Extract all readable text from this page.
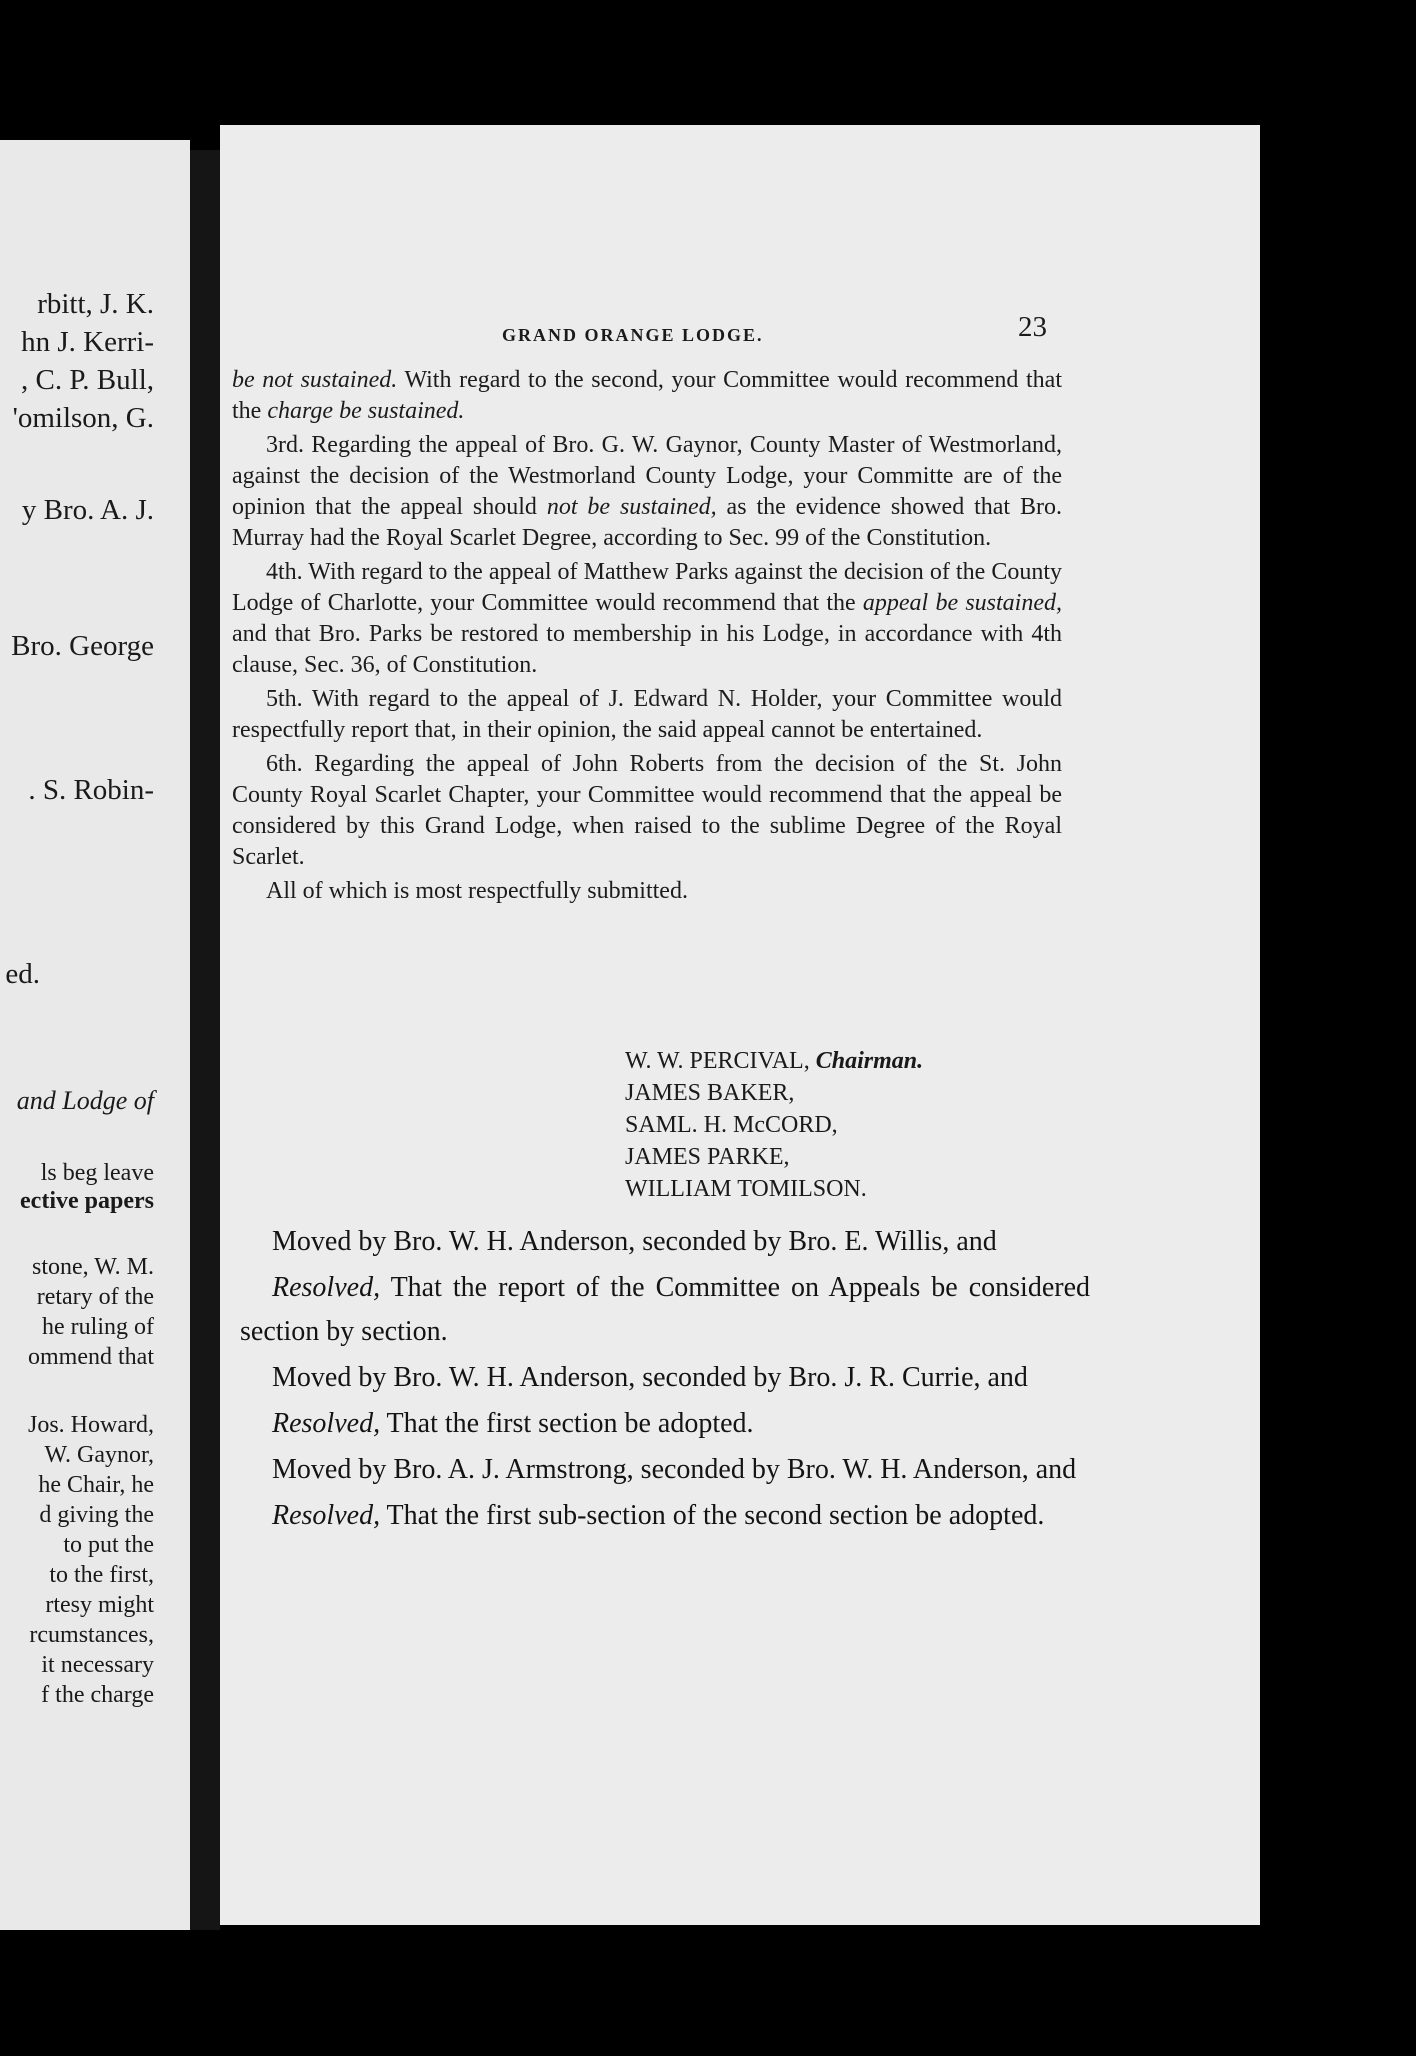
rbitt, J. K.
hn J. Kerri-
, C. P. Bull,
'omilson, G.
y Bro. A. J.
Bro. George
. S. Robin-
ed.
and Lodge of
ls beg leave
ective papers
stone, W. M.
retary of the
he ruling of
ommend that
Jos. Howard,
W. Gaynor,
he Chair, he
d giving the
to put the
to the first,
rtesy might
rcumstances,
it necessary
f the charge
GRAND ORANGE LODGE.	23

be not sustained. With regard to the second, your Committee would recommend that the charge be sustained.

3rd. Regarding the appeal of Bro. G. W. Gaynor, County Master of Westmorland, against the decision of the Westmorland County Lodge, your Committe are of the opinion that the appeal should not be sustained, as the evidence showed that Bro. Murray had the Royal Scarlet Degree, according to Sec. 99 of the Constitution.

4th. With regard to the appeal of Matthew Parks against the decision of the County Lodge of Charlotte, your Committee would recommend that the appeal be sustained, and that Bro. Parks be restored to membership in his Lodge, in accordance with 4th clause, Sec. 36, of Constitution.

5th. With regard to the appeal of J. Edward N. Holder, your Committee would respectfully report that, in their opinion, the said appeal cannot be entertained.

6th. Regarding the appeal of John Roberts from the decision of the St. John County Royal Scarlet Chapter, your Committee would recommend that the appeal be considered by this Grand Lodge, when raised to the sublime Degree of the Royal Scarlet.

All of which is most respectfully submitted.

W. W. PERCIVAL, Chairman.
JAMES BAKER,
SAML. H. McCORD,
JAMES PARKE,
WILLIAM TOMILSON.

Moved by Bro. W. H. Anderson, seconded by Bro. E. Willis, and

Resolved, That the report of the Committee on Appeals be considered section by section.

Moved by Bro. W. H. Anderson, seconded by Bro. J. R. Currie, and

Resolved, That the first section be adopted.

Moved by Bro. A. J. Armstrong, seconded by Bro. W. H. Anderson, and

Resolved, That the first sub-section of the second section be adopted.
